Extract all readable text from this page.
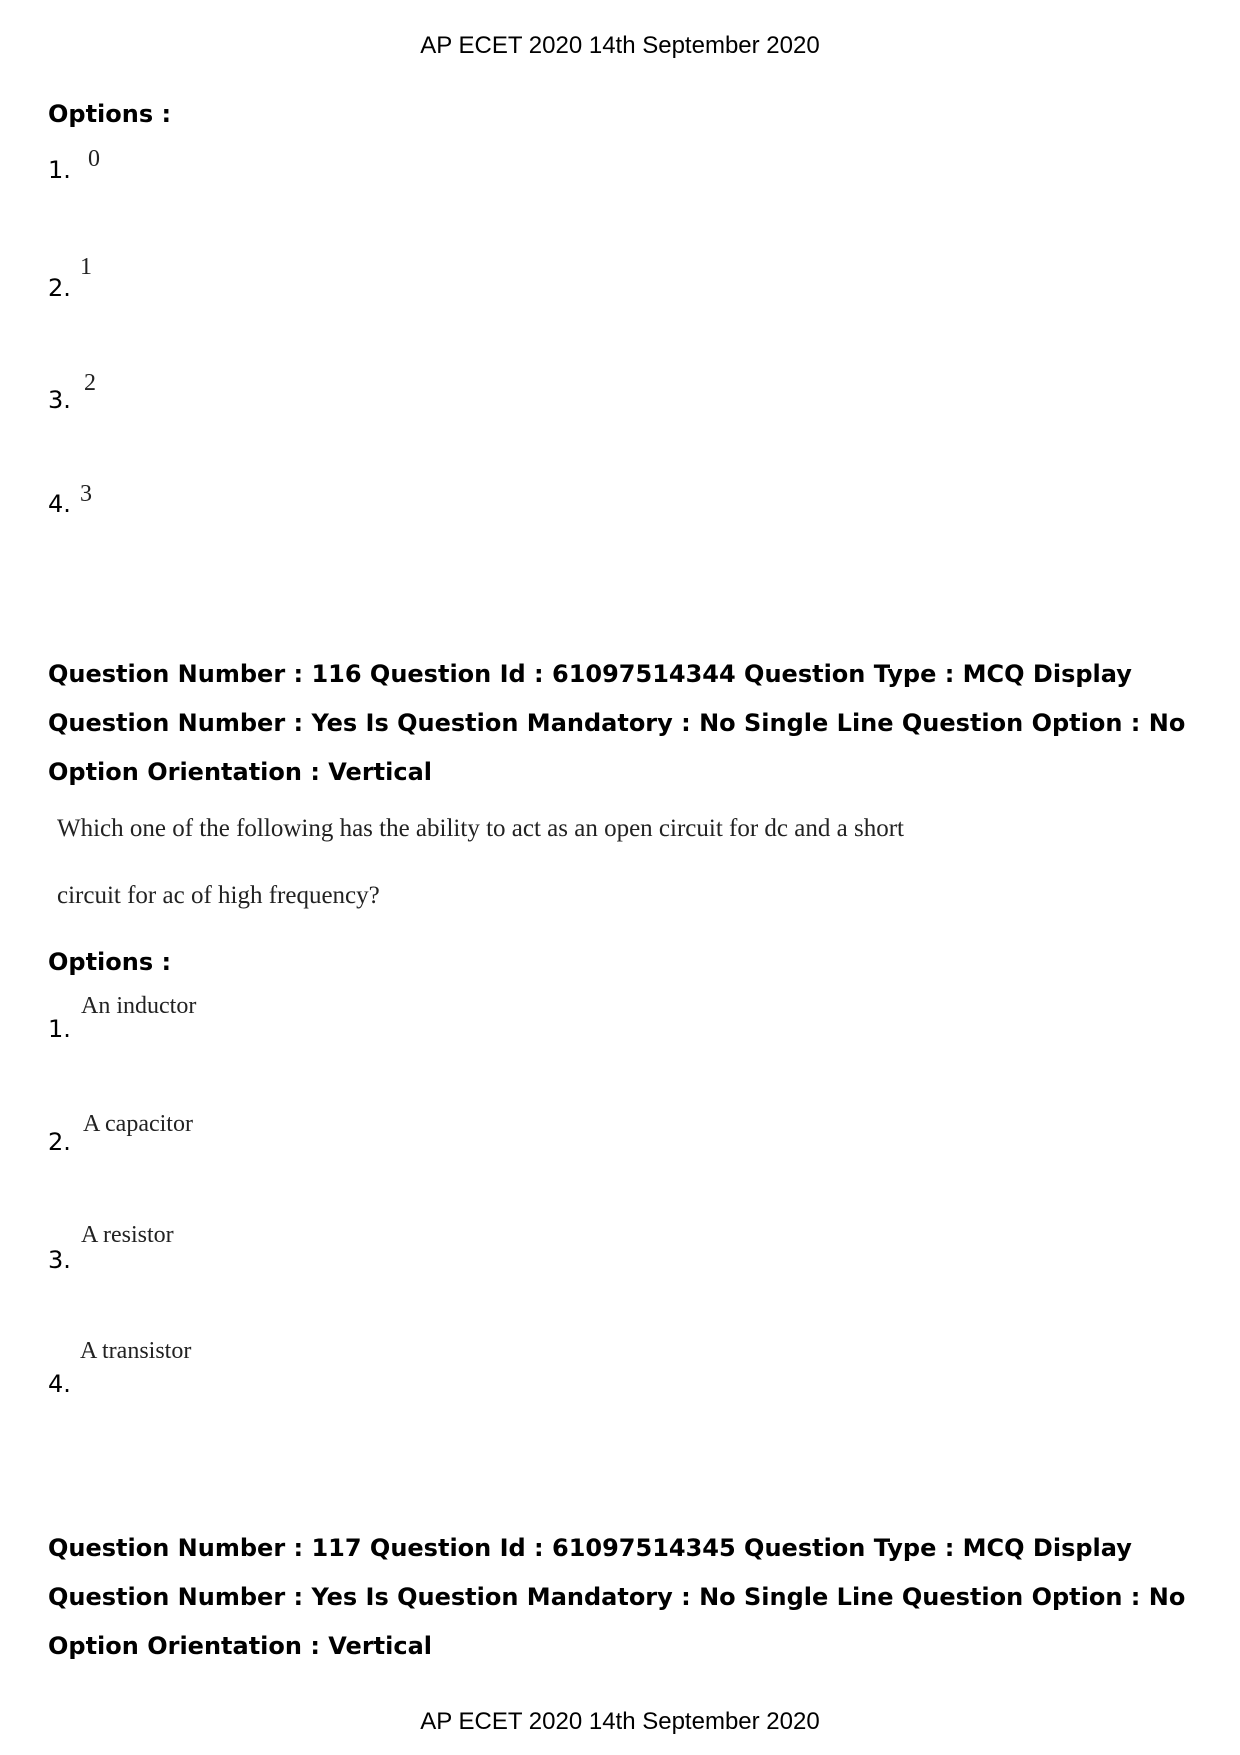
AP ECET 2020 14th September 2020
Options :
1. 0
2.
1
3.
2
4. 3
Question Number : 116 Question Id : 61097514344 Question Type : MCQ Display Question Number : Yes Is Question Mandatory : No Single Line Question Option : No Option Orientation : Vertical
Which one of the following has the ability to act as an open circuit for dc and a short
circuit for ac of high frequency?
Options :
1.
An inductor
2.
A capacitor
3.
A resistor
4.
A transistor
Question Number : 117 Question Id : 61097514345 Question Type : MCQ Display Question Number : Yes Is Question Mandatory : No Single Line Question Option : No Option Orientation : Vertical
AP ECET 2020 14th September 2020
